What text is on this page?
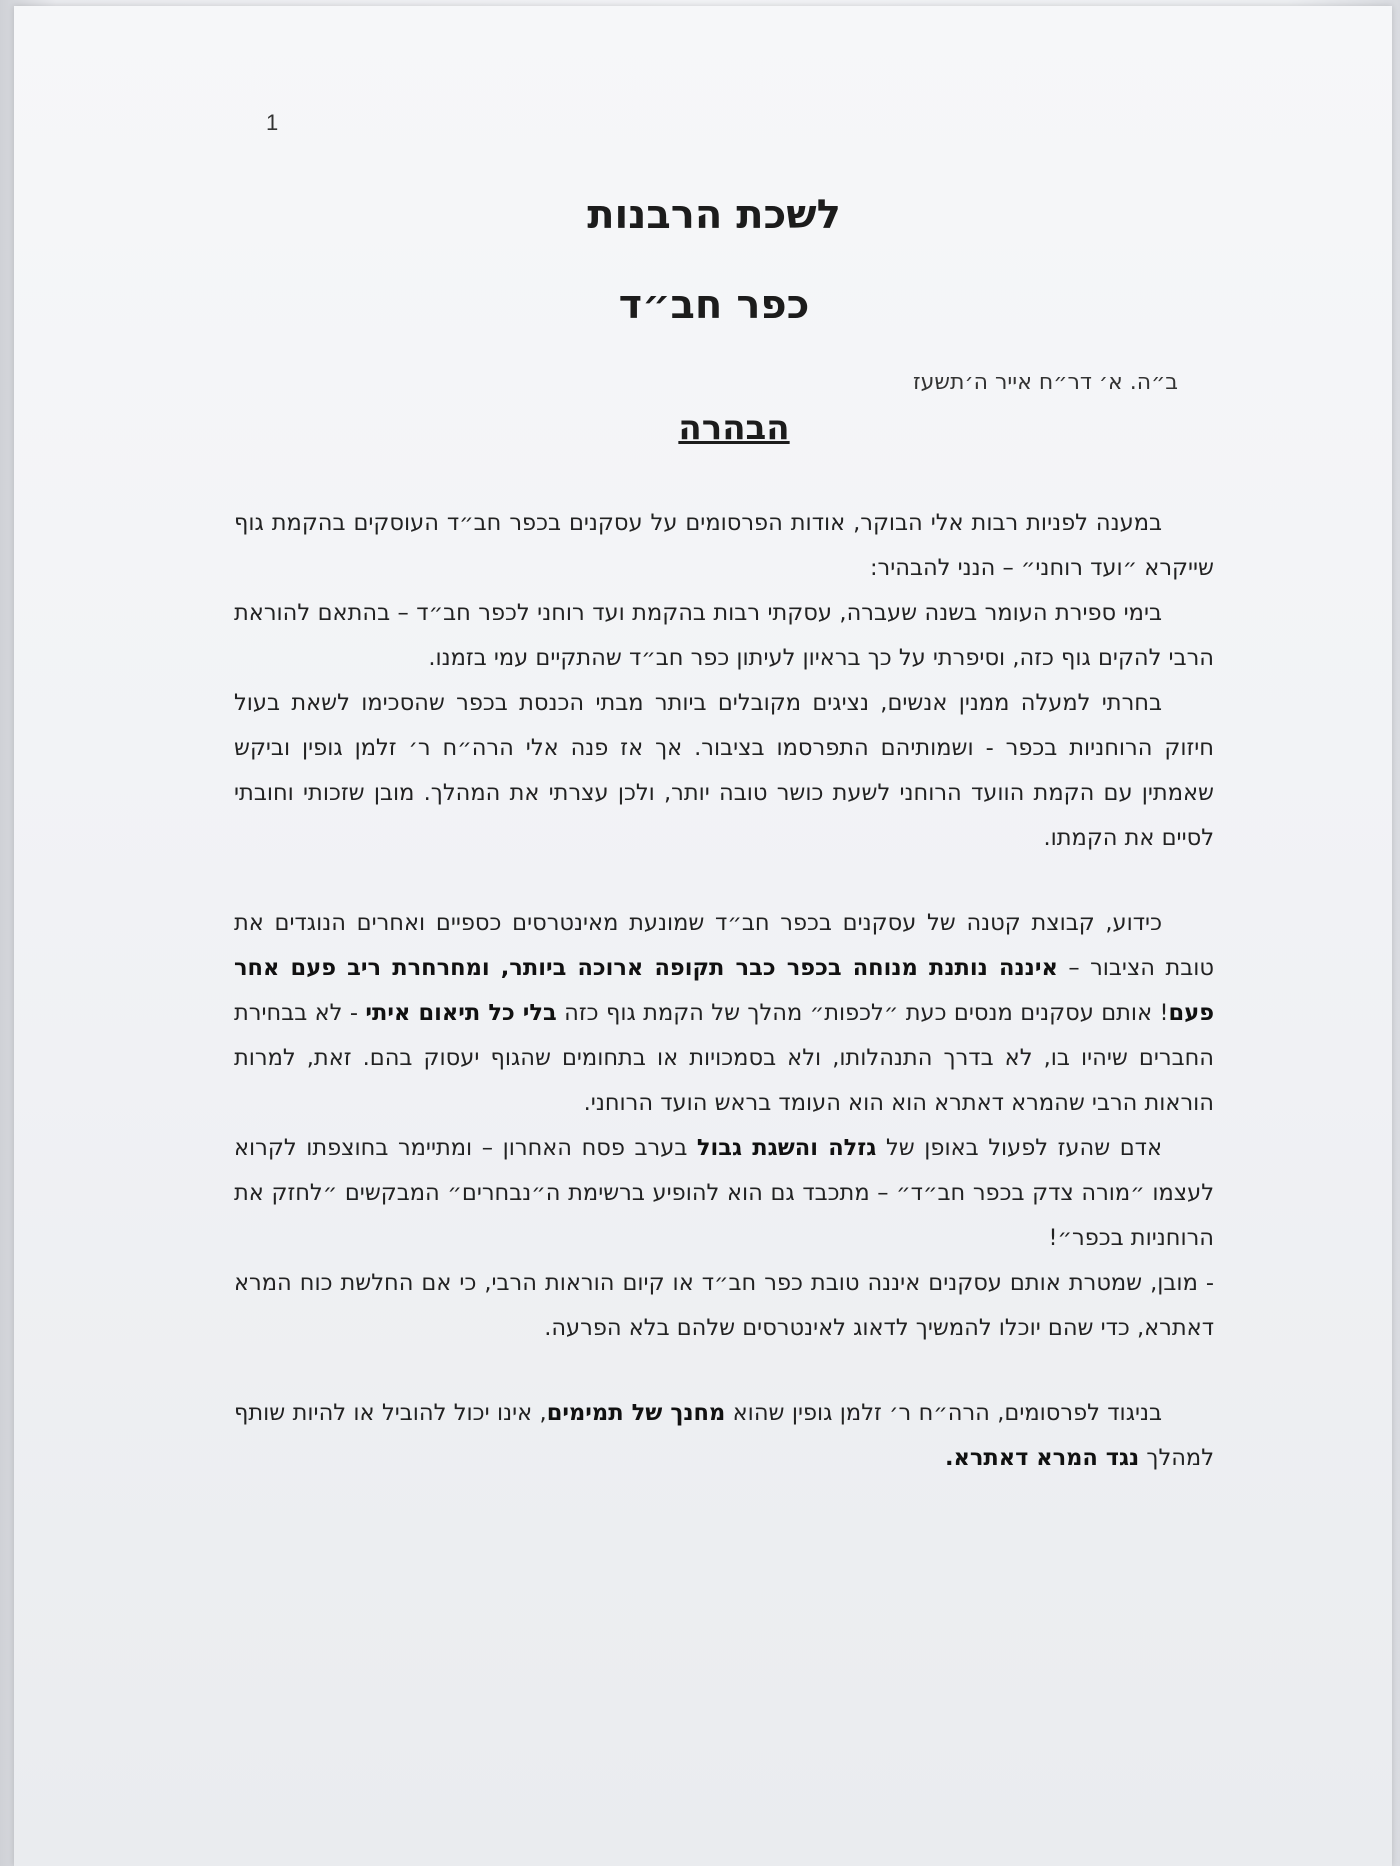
1
לשכת הרבנות
כפר חב״ד
ב״ה. א׳ דר״ח אייר ה׳תשעז
הבהרה

במענה לפניות רבות אלי הבוקר, אודות הפרסומים על עסקנים בכפר חב״ד העוסקים בהקמת גוף שייקרא ״ועד רוחני״ – הנני להבהיר:

בימי ספירת העומר בשנה שעברה, עסקתי רבות בהקמת ועד רוחני לכפר חב״ד – בהתאם להוראת הרבי להקים גוף כזה, וסיפרתי על כך בראיון לעיתון כפר חב״ד שהתקיים עמי בזמנו.

בחרתי למעלה ממנין אנשים, נציגים מקובלים ביותר מבתי הכנסת בכפר שהסכימו לשאת בעול חיזוק הרוחניות בכפר - ושמותיהם התפרסמו בציבור. אך אז פנה אלי הרה״ח ר׳ זלמן גופין וביקש שאמתין עם הקמת הוועד הרוחני לשעת כושר טובה יותר, ולכן עצרתי את המהלך. מובן שזכותי וחובתי לסיים את הקמתו.

כידוע, קבוצת קטנה של עסקנים בכפר חב״ד שמונעת מאינטרסים כספיים ואחרים הנוגדים את טובת הציבור – איננה נותנת מנוחה בכפר כבר תקופה ארוכה ביותר, ומחרחרת ריב פעם אחר פעם! אותם עסקנים מנסים כעת ״לכפות״ מהלך של הקמת גוף כזה בלי כל תיאום איתי - לא בבחירת החברים שיהיו בו, לא בדרך התנהלותו, ולא בסמכויות או בתחומים שהגוף יעסוק בהם. זאת, למרות הוראות הרבי שהמרא דאתרא הוא הוא העומד בראש הועד הרוחני.

אדם שהעז לפעול באופן של גזלה והשגת גבול בערב פסח האחרון – ומתיימר בחוצפתו לקרוא לעצמו ״מורה צדק בכפר חב״ד״ – מתכבד גם הוא להופיע ברשימת ה״נבחרים״ המבקשים ״לחזק את הרוחניות בכפר״!

- מובן, שמטרת אותם עסקנים איננה טובת כפר חב״ד או קיום הוראות הרבי, כי אם החלשת כוח המרא דאתרא, כדי שהם יוכלו להמשיך לדאוג לאינטרסים שלהם בלא הפרעה.

בניגוד לפרסומים, הרה״ח ר׳ זלמן גופין שהוא מחנך של תמימים, אינו יכול להוביל או להיות שותף למהלך נגד המרא דאתרא.
